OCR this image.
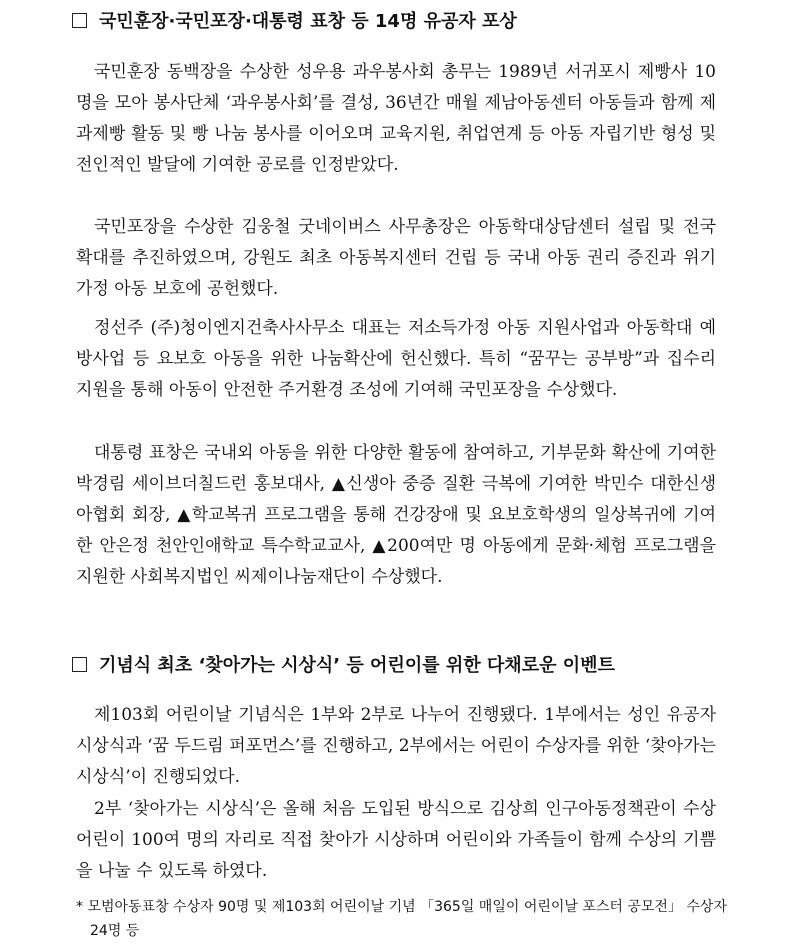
국민훈장·국민포장·대통령 표창 등 14명 유공자 포상
국민훈장 동백장을 수상한 성우용 과우봉사회 총무는 1989년 서귀포시 제빵사 10명을 모아 봉사단체 ‘과우봉사회’를 결성, 36년간 매월 제남아동센터 아동들과 함께 제과제빵 활동 및 빵 나눔 봉사를 이어오며 교육지원, 취업연계 등 아동 자립기반 형성 및 전인적인 발달에 기여한 공로를 인정받았다.
국민포장을 수상한 김웅철 굿네이버스 사무총장은 아동학대상담센터 설립 및 전국 확대를 추진하였으며, 강원도 최초 아동복지센터 건립 등 국내 아동 권리 증진과 위기 가정 아동 보호에 공헌했다.
정선주 (주)청이엔지건축사사무소 대표는 저소득가정 아동 지원사업과 아동학대 예방사업 등 요보호 아동을 위한 나눔확산에 헌신했다. 특히 “꿈꾸는 공부방”과 집수리 지원을 통해 아동이 안전한 주거환경 조성에 기여해 국민포장을 수상했다.
대통령 표창은 국내외 아동을 위한 다양한 활동에 참여하고, 기부문화 확산에 기여한 박경림 세이브더칠드런 홍보대사, ▲신생아 중증 질환 극복에 기여한 박민수 대한신생아협회 회장, ▲학교복귀 프로그램을 통해 건강장애 및 요보호학생의 일상복귀에 기여한 안은정 천안인애학교 특수학교교사, ▲200여만 명 아동에게 문화·체험 프로그램을 지원한 사회복지법인 씨제이나눔재단이 수상했다.
기념식 최초 ‘찾아가는 시상식’ 등 어린이를 위한 다채로운 이벤트
제103회 어린이날 기념식은 1부와 2부로 나누어 진행됐다. 1부에서는 성인 유공자 시상식과 ‘꿈 두드림 퍼포먼스’를 진행하고, 2부에서는 어린이 수상자를 위한 ‘찾아가는 시상식’이 진행되었다.
2부 ‘찾아가는 시상식’은 올해 처음 도입된 방식으로 김상희 인구아동정책관이 수상 어린이 100여 명의 자리로 직접 찾아가 시상하며 어린이와 가족들이 함께 수상의 기쁨을 나눌 수 있도록 하였다.
* 모범아동표창 수상자 90명 및 제103회 어린이날 기념 「365일 매일이 어린이날 포스터 공모전」 수상자 24명 등
